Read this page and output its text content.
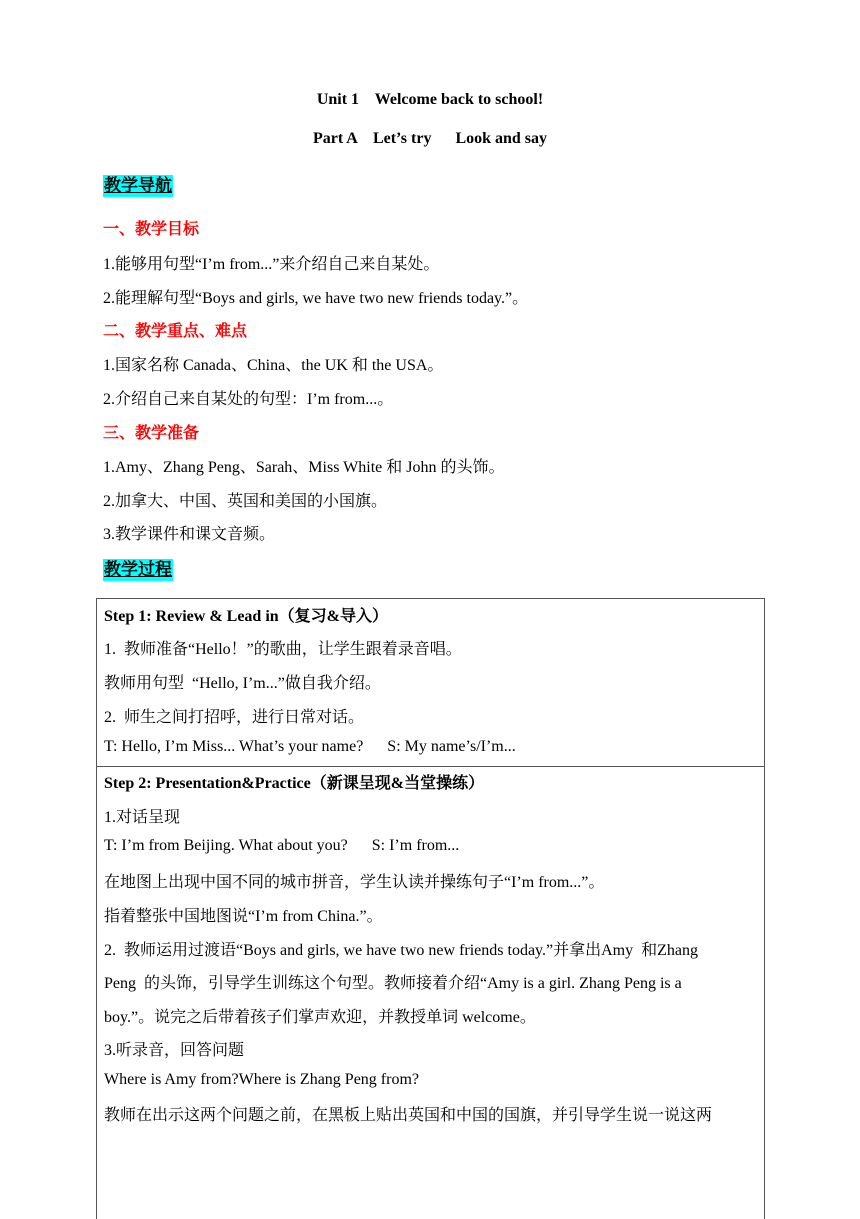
Unit 1    Welcome back to school!
Part A    Let’s try      Look and say
教学导航
一、教学目标
1.能够用句型“I’m from...”来介绍自己来自某处。
2.能理解句型“Boys and girls, we have two new friends today.”。
二、教学重点、难点
1.国家名称 Canada、China、the UK 和 the USA。
2.介绍自己来自某处的句型：I’m from...。
三、教学准备
1.Amy、Zhang Peng、Sarah、Miss White 和 John 的头饰。
2.加拿大、中国、英国和美国的小国旗。
3.教学课件和课文音频。
教学过程
Step 1: Review & Lead in（复习&导入）
1.  教师准备“Hello！”的歌曲，让学生跟着录音唱。
教师用句型  “Hello, I’m...”做自我介绍。
2.  师生之间打招呼，进行日常对话。
T: Hello, I’m Miss... What’s your name?      S: My name’s/I’m...
Step 2: Presentation&Practice（新课呈现&当堂操练）
1.对话呈现
T: I’m from Beijing. What about you?      S: I’m from...
在地图上出现中国不同的城市拼音，学生认读并操练句子“I’m from...”。
指着整张中国地图说“I’m from China.”。
2.  教师运用过渡语“Boys and girls, we have two new friends today.”并拿出Amy  和Zhang
Peng  的头饰，引导学生训练这个句型。教师接着介绍“Amy is a girl. Zhang Peng is a
boy.”。说完之后带着孩子们掌声欢迎，并教授单词 welcome。
3.听录音，回答问题
Where is Amy from?Where is Zhang Peng from?
教师在出示这两个问题之前，在黑板上贴出英国和中国的国旗，并引导学生说一说这两
